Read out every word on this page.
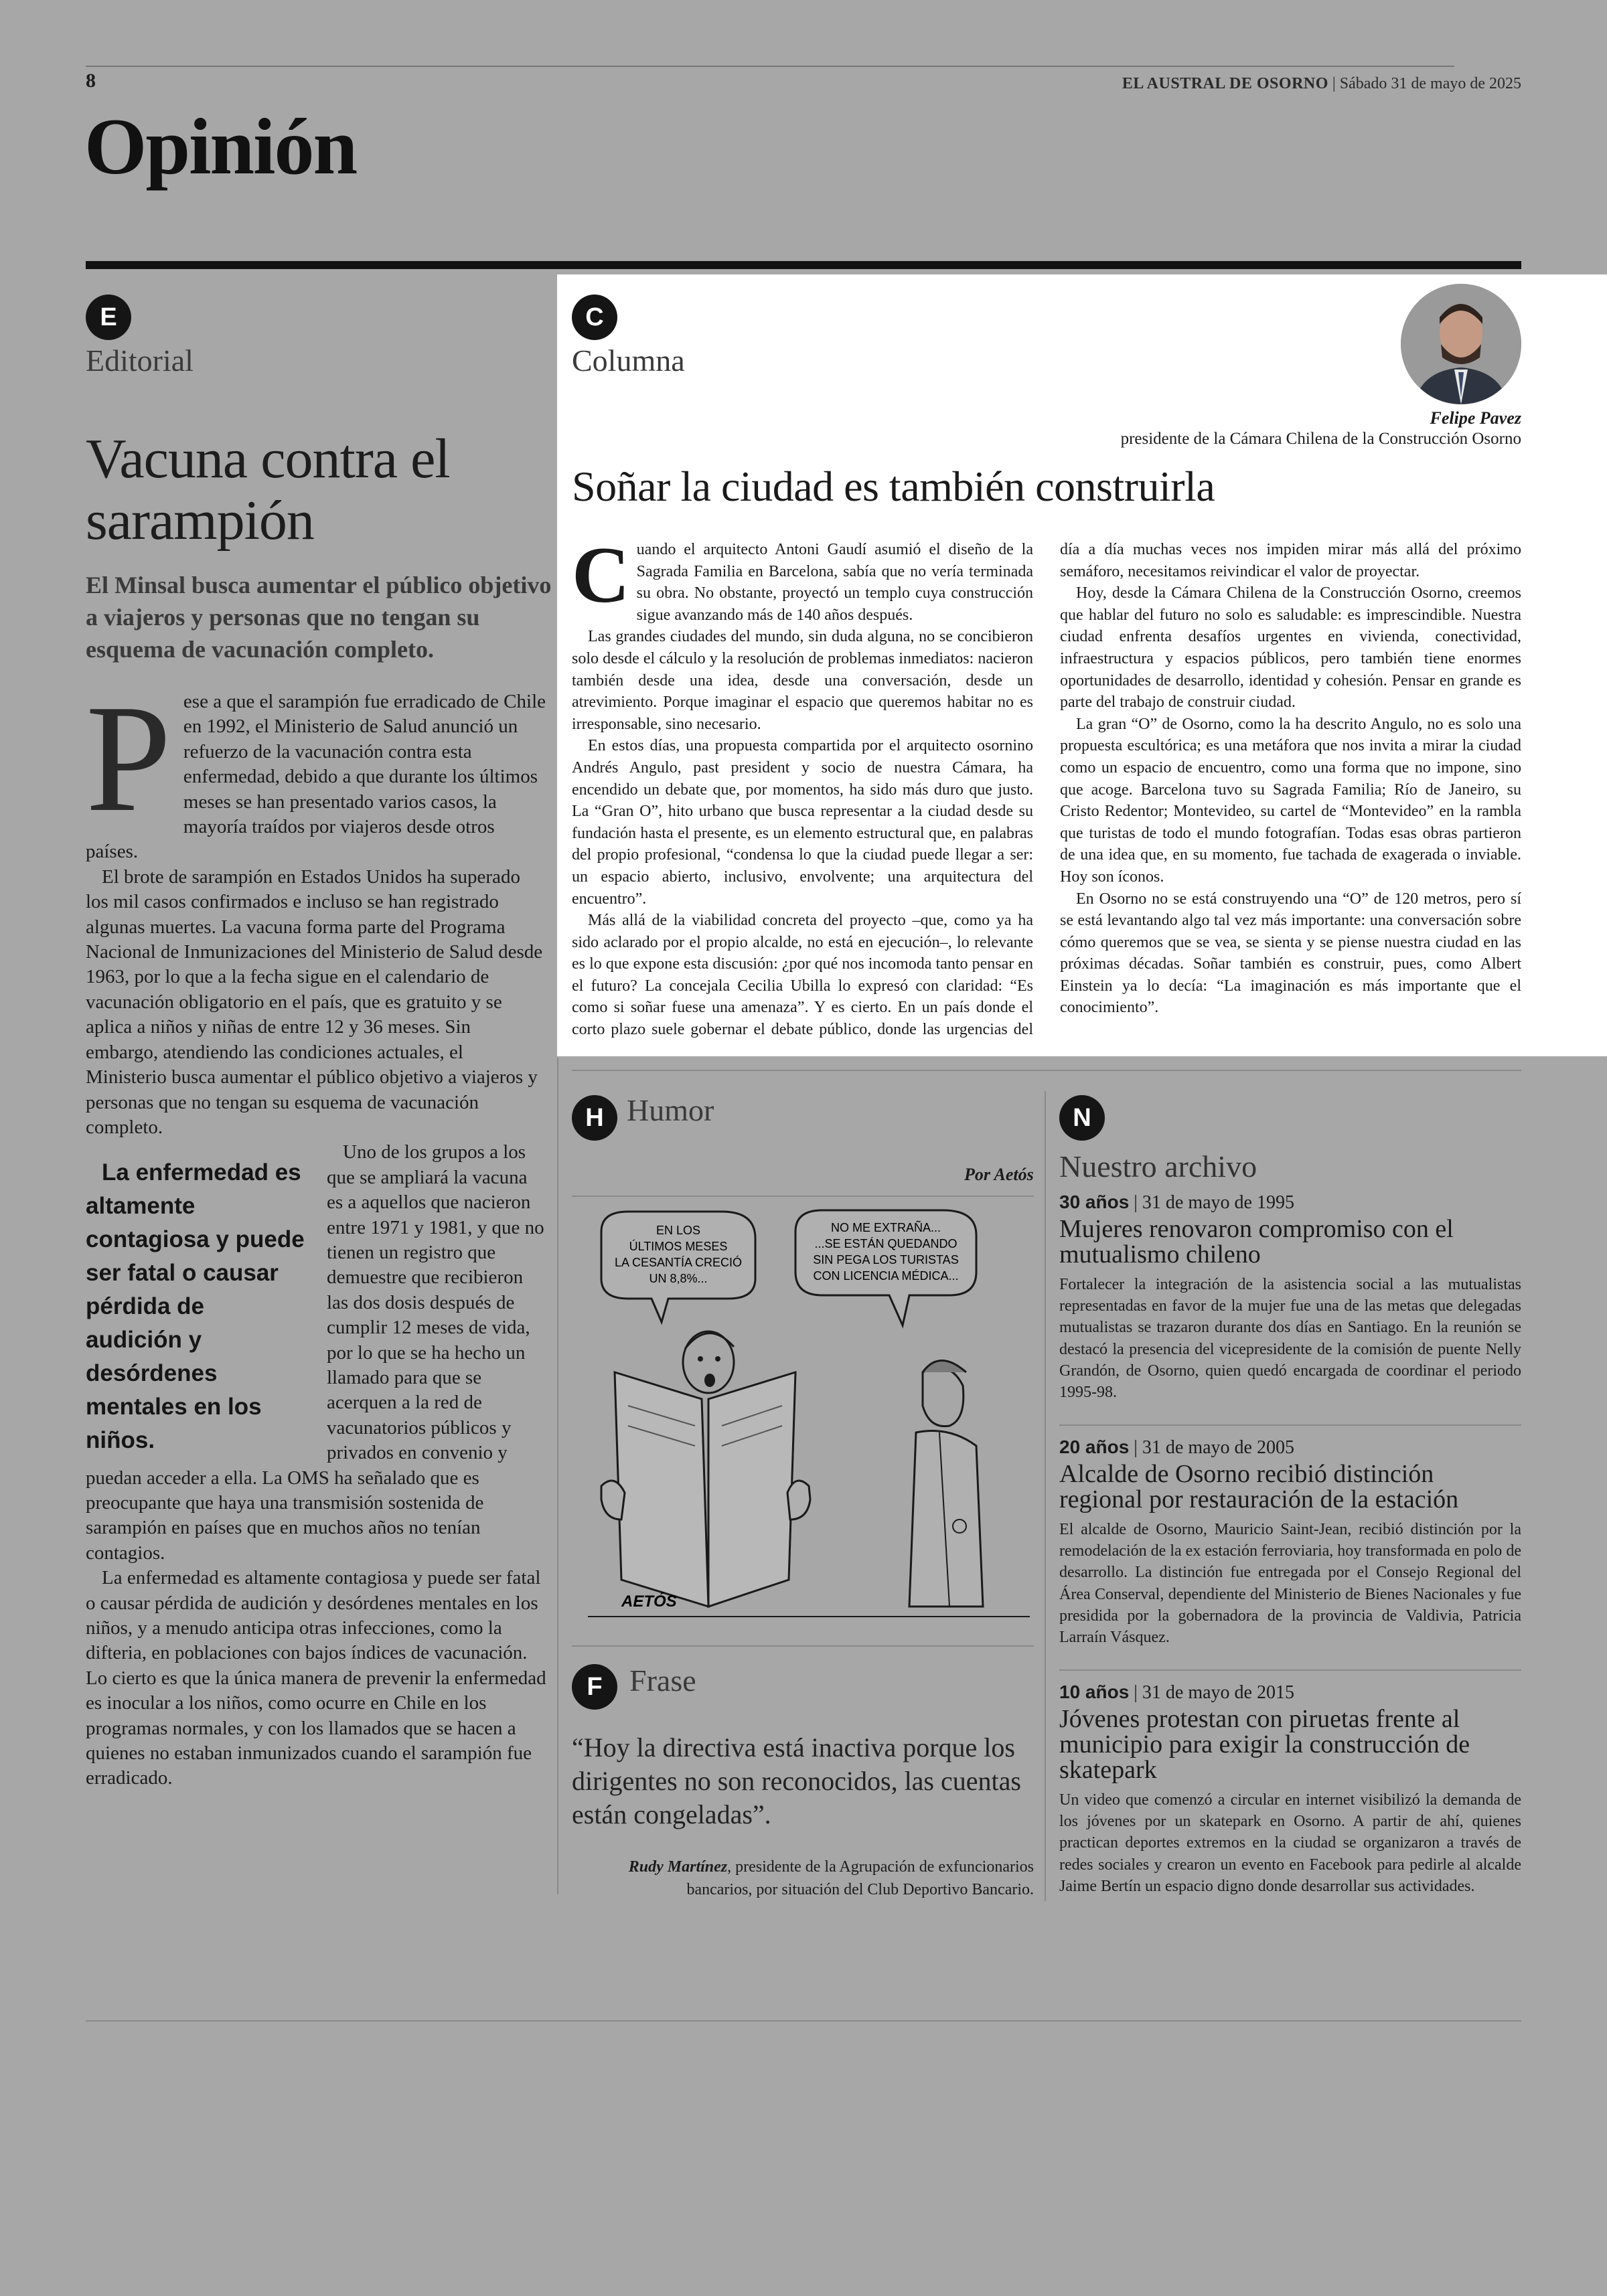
8	EL AUSTRAL DE OSORNO | Sábado 31 de mayo de 2025
Opinión
E
Editorial
Vacuna contra el sarampión
El Minsal busca aumentar el público objetivo a viajeros y personas que no tengan su esquema de vacunación completo.

Pese a que el sarampión fue erradicado de Chile en 1992, el Ministerio de Salud anunció un refuerzo de la vacunación contra esta enfermedad, debido a que durante los últimos meses se han presentado varios casos, la mayoría traídos por viajeros desde otros países.

El brote de sarampión en Estados Unidos ha superado los mil casos confirmados e incluso se han registrado algunas muertes. La vacuna forma parte del Programa Nacional de Inmunizaciones del Ministerio de Salud desde 1963, por lo que a la fecha sigue en el calendario de vacunación obligatorio en el país, que es gratuito y se aplica a niños y niñas de entre 12 y 36 meses. Sin embargo, atendiendo las condiciones actuales, el Ministerio busca aumentar el público objetivo a viajeros y personas que no tengan su esquema de vacunación completo.

La enfermedad es altamente contagiosa y puede ser fatal o causar pérdida de audición y desórdenes mentales en los niños.
Uno de los grupos a los que se ampliará la vacuna es a aquellos que nacieron entre 1971 y 1981, y que no tienen un registro que demuestre que recibieron las dos dosis después de cumplir 12 meses de vida, por lo que se ha hecho un llamado para que se acerquen a la red de vacunatorios públicos y privados en convenio y puedan acceder a ella. La OMS ha señalado que es preocupante que haya una transmisión sostenida de sarampión en países que en muchos años no tenían contagios.

La enfermedad es altamente contagiosa y puede ser fatal o causar pérdida de audición y desórdenes mentales en los niños, y a menudo anticipa otras infecciones, como la difteria, en poblaciones con bajos índices de vacunación. Lo cierto es que la única manera de prevenir la enfermedad es inocular a los niños, como ocurre en Chile en los programas normales, y con los llamados que se hacen a quienes no estaban inmunizados cuando el sarampión fue erradicado.

C
Columna
Felipe Pavez
presidente de la Cámara Chilena de la Construcción Osorno
Soñar la ciudad es también construirla

Cuando el arquitecto Antoni Gaudí asumió el diseño de la Sagrada Familia en Barcelona, sabía que no vería terminada su obra. No obstante, proyectó un templo cuya construcción sigue avanzando más de 140 años después.

Las grandes ciudades del mundo, sin duda alguna, no se concibieron solo desde el cálculo y la resolución de problemas inmediatos: nacieron también desde una idea, desde una conversación, desde un atrevimiento. Porque imaginar el espacio que queremos habitar no es irresponsable, sino necesario.

En estos días, una propuesta compartida por el arquitecto osornino Andrés Angulo, past president y socio de nuestra Cámara, ha encendido un debate que, por momentos, ha sido más duro que justo. La “Gran O”, hito urbano que busca representar a la ciudad desde su fundación hasta el presente, es un elemento estructural que, en palabras del propio profesional, “condensa lo que la ciudad puede llegar a ser: un espacio abierto, inclusivo, envolvente; una arquitectura del encuentro”.

Más allá de la viabilidad concreta del proyecto –que, como ya ha sido aclarado por el propio alcalde, no está en ejecución–, lo relevante es lo que expone esta discusión: ¿por qué nos incomoda tanto pensar en el futuro? La concejala Cecilia Ubilla lo expresó con claridad: “Es como si soñar fuese una amenaza”. Y es cierto. En un país donde el corto plazo suele gobernar el debate público, donde las urgencias del día a día muchas veces nos impiden mirar más allá del próximo semáforo, necesitamos reivindicar el valor de proyectar.

Hoy, desde la Cámara Chilena de la Construcción Osorno, creemos que hablar del futuro no solo es saludable: es imprescindible. Nuestra ciudad enfrenta desafíos urgentes en vivienda, conectividad, infraestructura y espacios públicos, pero también tiene enormes oportunidades de desarrollo, identidad y cohesión. Pensar en grande es parte del trabajo de construir ciudad.

La gran “O” de Osorno, como la ha descrito Angulo, no es solo una propuesta escultórica; es una metáfora que nos invita a mirar la ciudad como un espacio de encuentro, como una forma que no impone, sino que acoge. Barcelona tuvo su Sagrada Familia; Río de Janeiro, su Cristo Redentor; Montevideo, su cartel de “Montevideo” en la rambla que turistas de todo el mundo fotografían. Todas esas obras partieron de una idea que, en su momento, fue tachada de exagerada o inviable. Hoy son íconos.

En Osorno no se está construyendo una “O” de 120 metros, pero sí se está levantando algo tal vez más importante: una conversación sobre cómo queremos que se vea, se sienta y se piense nuestra ciudad en las próximas décadas. Soñar también es construir, pues, como Albert Einstein ya lo decía: “La imaginación es más importante que el conocimiento”.

H Humor
Por Aetós
EN LOS
ÚLTIMOS MESES
LA CESANTÍA CRECIÓ
UN 8,8%...
NO ME EXTRAÑA...
...SE ESTÁN QUEDANDO
SIN PEGA LOS TURISTAS
CON LICENCIA MÉDICA...
AETÓS
F Frase
“Hoy la directiva está inactiva porque los dirigentes no son reconocidos, las cuentas están congeladas”.
Rudy Martínez, presidente de la Agrupación de exfuncionarios bancarios, por situación del Club Deportivo Bancario.
N
Nuestro archivo
30 años | 31 de mayo de 1995
Mujeres renovaron compromiso con el mutualismo chileno
Fortalecer la integración de la asistencia social a las mutualistas representadas en favor de la mujer fue una de las metas que delegadas mutualistas se trazaron durante dos días en Santiago. En la reunión se destacó la presencia del vicepresidente de la comisión de puente Nelly Grandón, de Osorno, quien quedó encargada de coordinar el periodo 1995-98.
20 años | 31 de mayo de 2005
Alcalde de Osorno recibió distinción regional por restauración de la estación
El alcalde de Osorno, Mauricio Saint-Jean, recibió distinción por la remodelación de la ex estación ferroviaria, hoy transformada en polo de desarrollo. La distinción fue entregada por el Consejo Regional del Área Conserval, dependiente del Ministerio de Bienes Nacionales y fue presidida por la gobernadora de la provincia de Valdivia, Patricia Larraín Vásquez.
10 años | 31 de mayo de 2015
Jóvenes protestan con piruetas frente al municipio para exigir la construcción de skatepark
Un video que comenzó a circular en internet visibilizó la demanda de los jóvenes por un skatepark en Osorno. A partir de ahí, quienes practican deportes extremos en la ciudad se organizaron a través de redes sociales y crearon un evento en Facebook para pedirle al alcalde Jaime Bertín un espacio digno donde desarrollar sus actividades.
